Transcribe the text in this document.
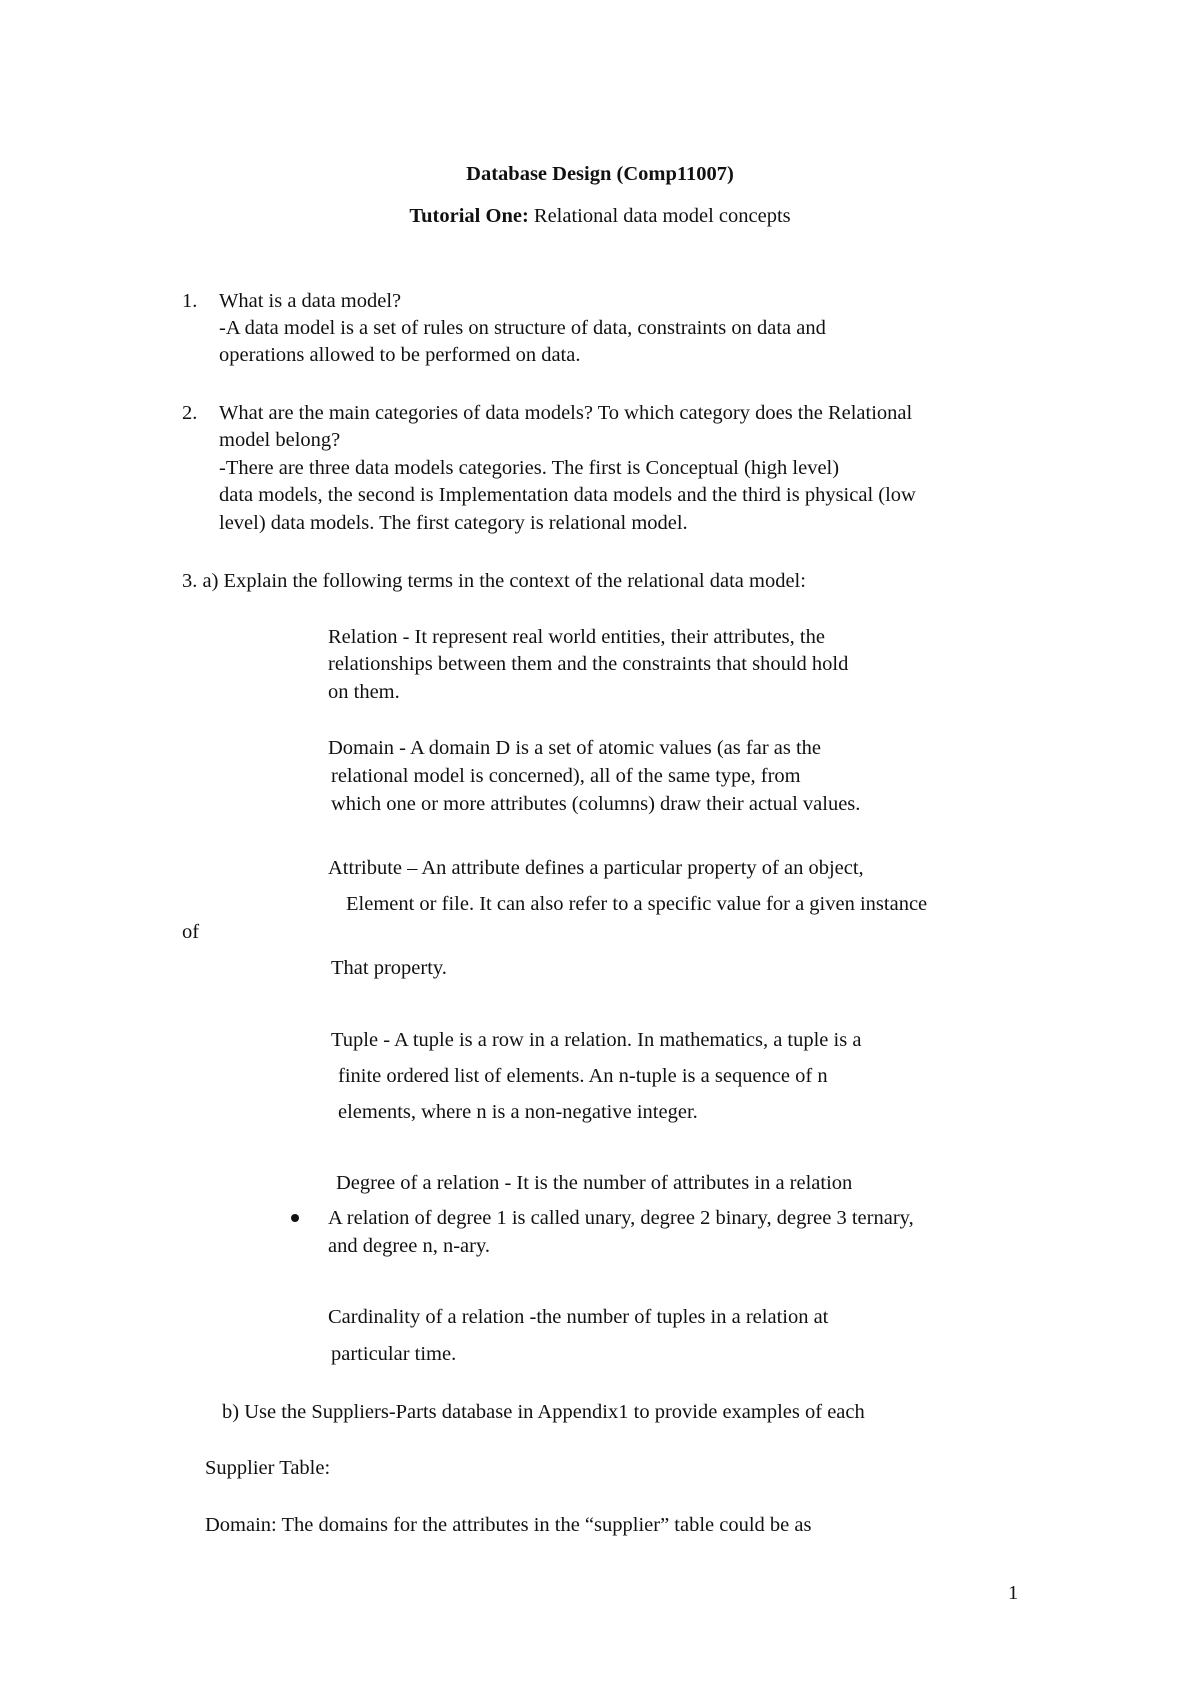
Database Design (Comp11007)
Tutorial One: Relational data model concepts
1. What is a data model?
-A data model is a set of rules on structure of data, constraints on data and
operations allowed to be performed on data.
2. What are the main categories of data models? To which category does the Relational
model belong?
-There are three data models categories. The first is Conceptual (high level)
data models, the second is Implementation data models and the third is physical (low
level) data models. The first category is relational model.
3. a) Explain the following terms in the context of the relational data model:
Relation - It represent real world entities, their attributes, the
relationships between them and the constraints that should hold
on them.
Domain - A domain D is a set of atomic values (as far as the
relational model is concerned), all of the same type, from
which one or more attributes (columns) draw their actual values.
Attribute – An attribute defines a particular property of an object,
Element or file. It can also refer to a specific value for a given instance
of
That property.
Tuple - A tuple is a row in a relation. In mathematics, a tuple is a
finite ordered list of elements. An n-tuple is a sequence of n
elements, where n is a non-negative integer.
Degree of a relation - It is the number of attributes in a relation
A relation of degree 1 is called unary, degree 2 binary, degree 3 ternary,
and degree n, n-ary.
Cardinality of a relation -the number of tuples in a relation at
particular time.
b) Use the Suppliers-Parts database in Appendix1 to provide examples of each
Supplier Table:
Domain: The domains for the attributes in the “supplier” table could be as
1
